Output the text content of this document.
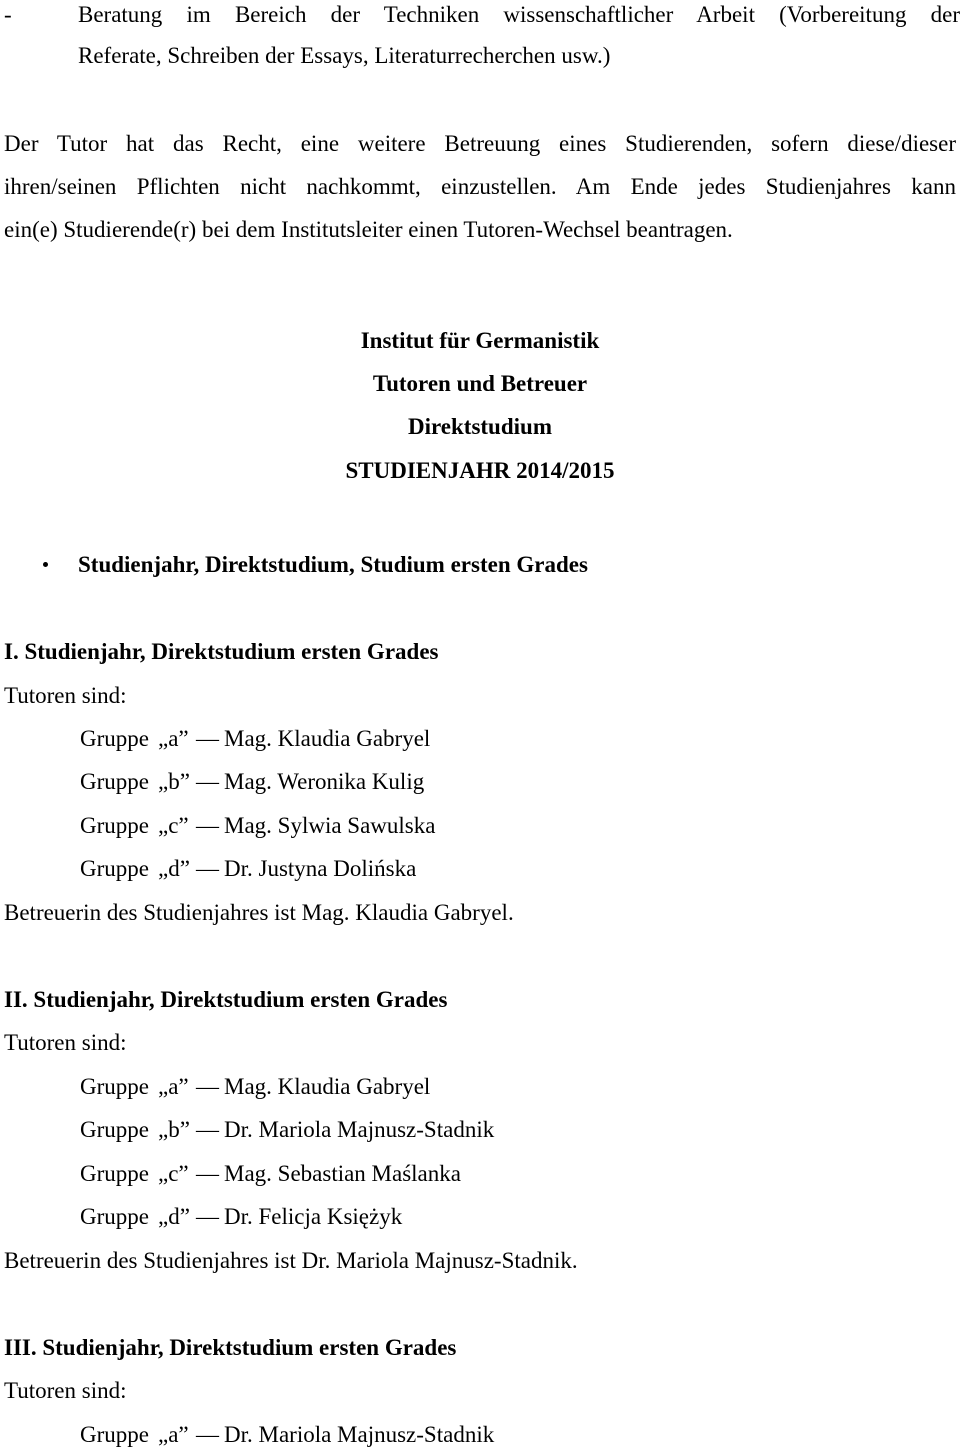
-	Beratung im Bereich der Techniken wissenschaftlicher Arbeit (Vorbereitung der
Referate, Schreiben der Essays, Literaturrecherchen usw.)
Der Tutor hat das Recht, eine weitere Betreuung eines Studierenden, sofern diese/dieser
ihren/seinen Pflichten nicht nachkommt, einzustellen. Am Ende jedes Studienjahres kann
ein(e) Studierende(r) bei dem Institutsleiter einen Tutoren-Wechsel beantragen.
Institut für Germanistik
Tutoren und Betreuer
Direktstudium
STUDIENJAHR 2014/2015
Studienjahr, Direktstudium, Studium ersten Grades
I. Studienjahr, Direktstudium ersten Grades
Tutoren sind:
Gruppe „a” — Mag. Klaudia Gabryel
Gruppe „b” — Mag. Weronika Kulig
Gruppe „c” — Mag. Sylwia Sawulska
Gruppe „d” — Dr. Justyna Dolińska
Betreuerin des Studienjahres ist Mag. Klaudia Gabryel.
II. Studienjahr, Direktstudium ersten Grades
Tutoren sind:
Gruppe „a” — Mag. Klaudia Gabryel
Gruppe „b” — Dr. Mariola Majnusz-Stadnik
Gruppe „c” — Mag. Sebastian Maślanka
Gruppe „d” — Dr. Felicja Księżyk
Betreuerin des Studienjahres ist Dr. Mariola Majnusz-Stadnik.
III. Studienjahr, Direktstudium ersten Grades
Tutoren sind:
Gruppe „a” — Dr. Mariola Majnusz-Stadnik
